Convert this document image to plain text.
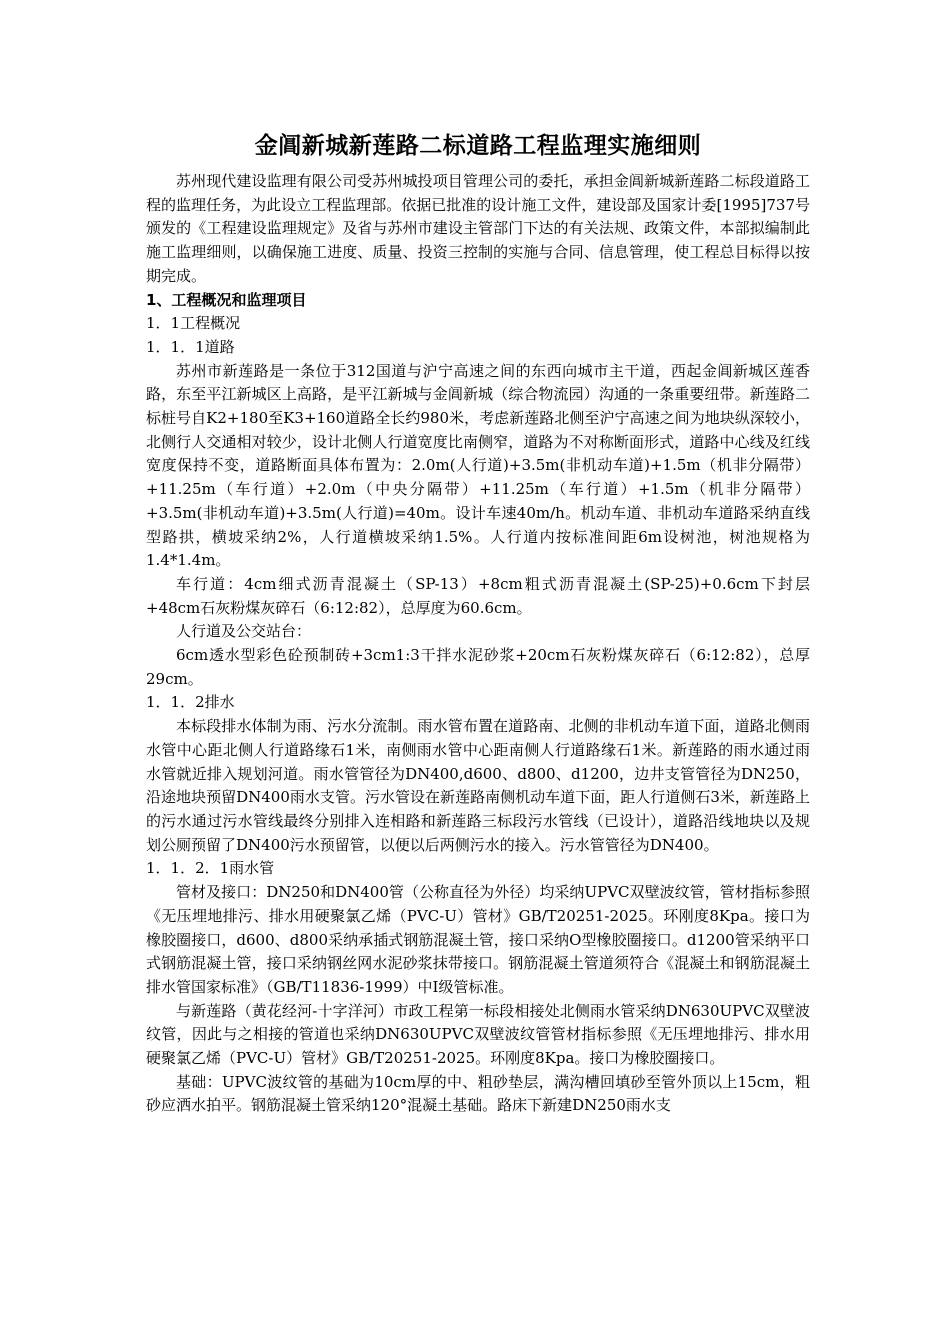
金阊新城新莲路二标道路工程监理实施细则

苏州现代建设监理有限公司受苏州城投项目管理公司的委托，承担金阊新城新莲路二标段道路工程的监理任务，为此设立工程监理部。依据已批准的设计施工文件，建设部及国家计委[1995]737号颁发的《工程建设监理规定》及省与苏州市建设主管部门下达的有关法规、政策文件，本部拟编制此施工监理细则，以确保施工进度、质量、投资三控制的实施与合同、信息管理，使工程总目标得以按期完成。

1、工程概况和监理项目

1．1工程概况

1．1．1道路

苏州市新莲路是一条位于312国道与沪宁高速之间的东西向城市主干道，西起金阊新城区莲香路，东至平江新城区上高路，是平江新城与金阊新城（综合物流园）沟通的一条重要纽带。新莲路二标桩号自K2+180至K3+160道路全长约980米，考虑新莲路北侧至沪宁高速之间为地块纵深较小，北侧行人交通相对较少，设计北侧人行道宽度比南侧窄，道路为不对称断面形式，道路中心线及红线宽度保持不变，道路断面具体布置为：2.0m(人行道)+3.5m(非机动车道)+1.5m（机非分隔带）+11.25m（车行道）+2.0m（中央分隔带）+11.25m（车行道）+1.5m（机非分隔带）+3.5m(非机动车道)+3.5m(人行道)=40m。设计车速40m/h。机动车道、非机动车道路采纳直线型路拱，横坡采纳2%，人行道横坡采纳1.5%。人行道内按标准间距6m设树池，树池规格为1.4*1.4m。

车行道：4cm细式沥青混凝土（SP-13）+8cm粗式沥青混凝土(SP-25)+0.6cm下封层+48cm石灰粉煤灰碎石（6:12:82），总厚度为60.6cm。

人行道及公交站台：

6cm透水型彩色砼预制砖+3cm1:3干拌水泥砂浆+20cm石灰粉煤灰碎石（6:12:82），总厚29cm。

1．1．2排水

本标段排水体制为雨、污水分流制。雨水管布置在道路南、北侧的非机动车道下面，道路北侧雨水管中心距北侧人行道路缘石1米，南侧雨水管中心距南侧人行道路缘石1米。新莲路的雨水通过雨水管就近排入规划河道。雨水管管径为DN400,d600、d800、d1200，边井支管管径为DN250，沿途地块预留DN400雨水支管。污水管设在新莲路南侧机动车道下面，距人行道侧石3米，新莲路上的污水通过污水管线最终分别排入连相路和新莲路三标段污水管线（已设计），道路沿线地块以及规划公厕预留了DN400污水预留管，以便以后两侧污水的接入。污水管管径为DN400。

1．1．2．1雨水管

管材及接口：DN250和DN400管（公称直径为外径）均采纳UPVC双壁波纹管，管材指标参照《无压埋地排污、排水用硬聚氯乙烯（PVC-U）管材》GB/T20251-2025。环刚度8Kpa。接口为橡胶圈接口，d600、d800采纳承插式钢筋混凝土管，接口采纳O型橡胶圈接口。d1200管采纳平口式钢筋混凝土管，接口采纳钢丝网水泥砂浆抹带接口。钢筋混凝土管道须符合《混凝土和钢筋混凝土排水管国家标准》（GB/T11836-1999）中Ⅰ级管标准。

与新莲路（黄花经河-十字洋河）市政工程第一标段相接处北侧雨水管采纳DN630UPVC双壁波纹管，因此与之相接的管道也采纳DN630UPVC双壁波纹管管材指标参照《无压埋地排污、排水用硬聚氯乙烯（PVC-U）管材》GB/T20251-2025。环刚度8Kpa。接口为橡胶圈接口。

基础：UPVC波纹管的基础为10cm厚的中、粗砂垫层，满沟槽回填砂至管外顶以上15cm，粗砂应洒水拍平。钢筋混凝土管采纳120°混凝土基础。路床下新建DN250雨水支
